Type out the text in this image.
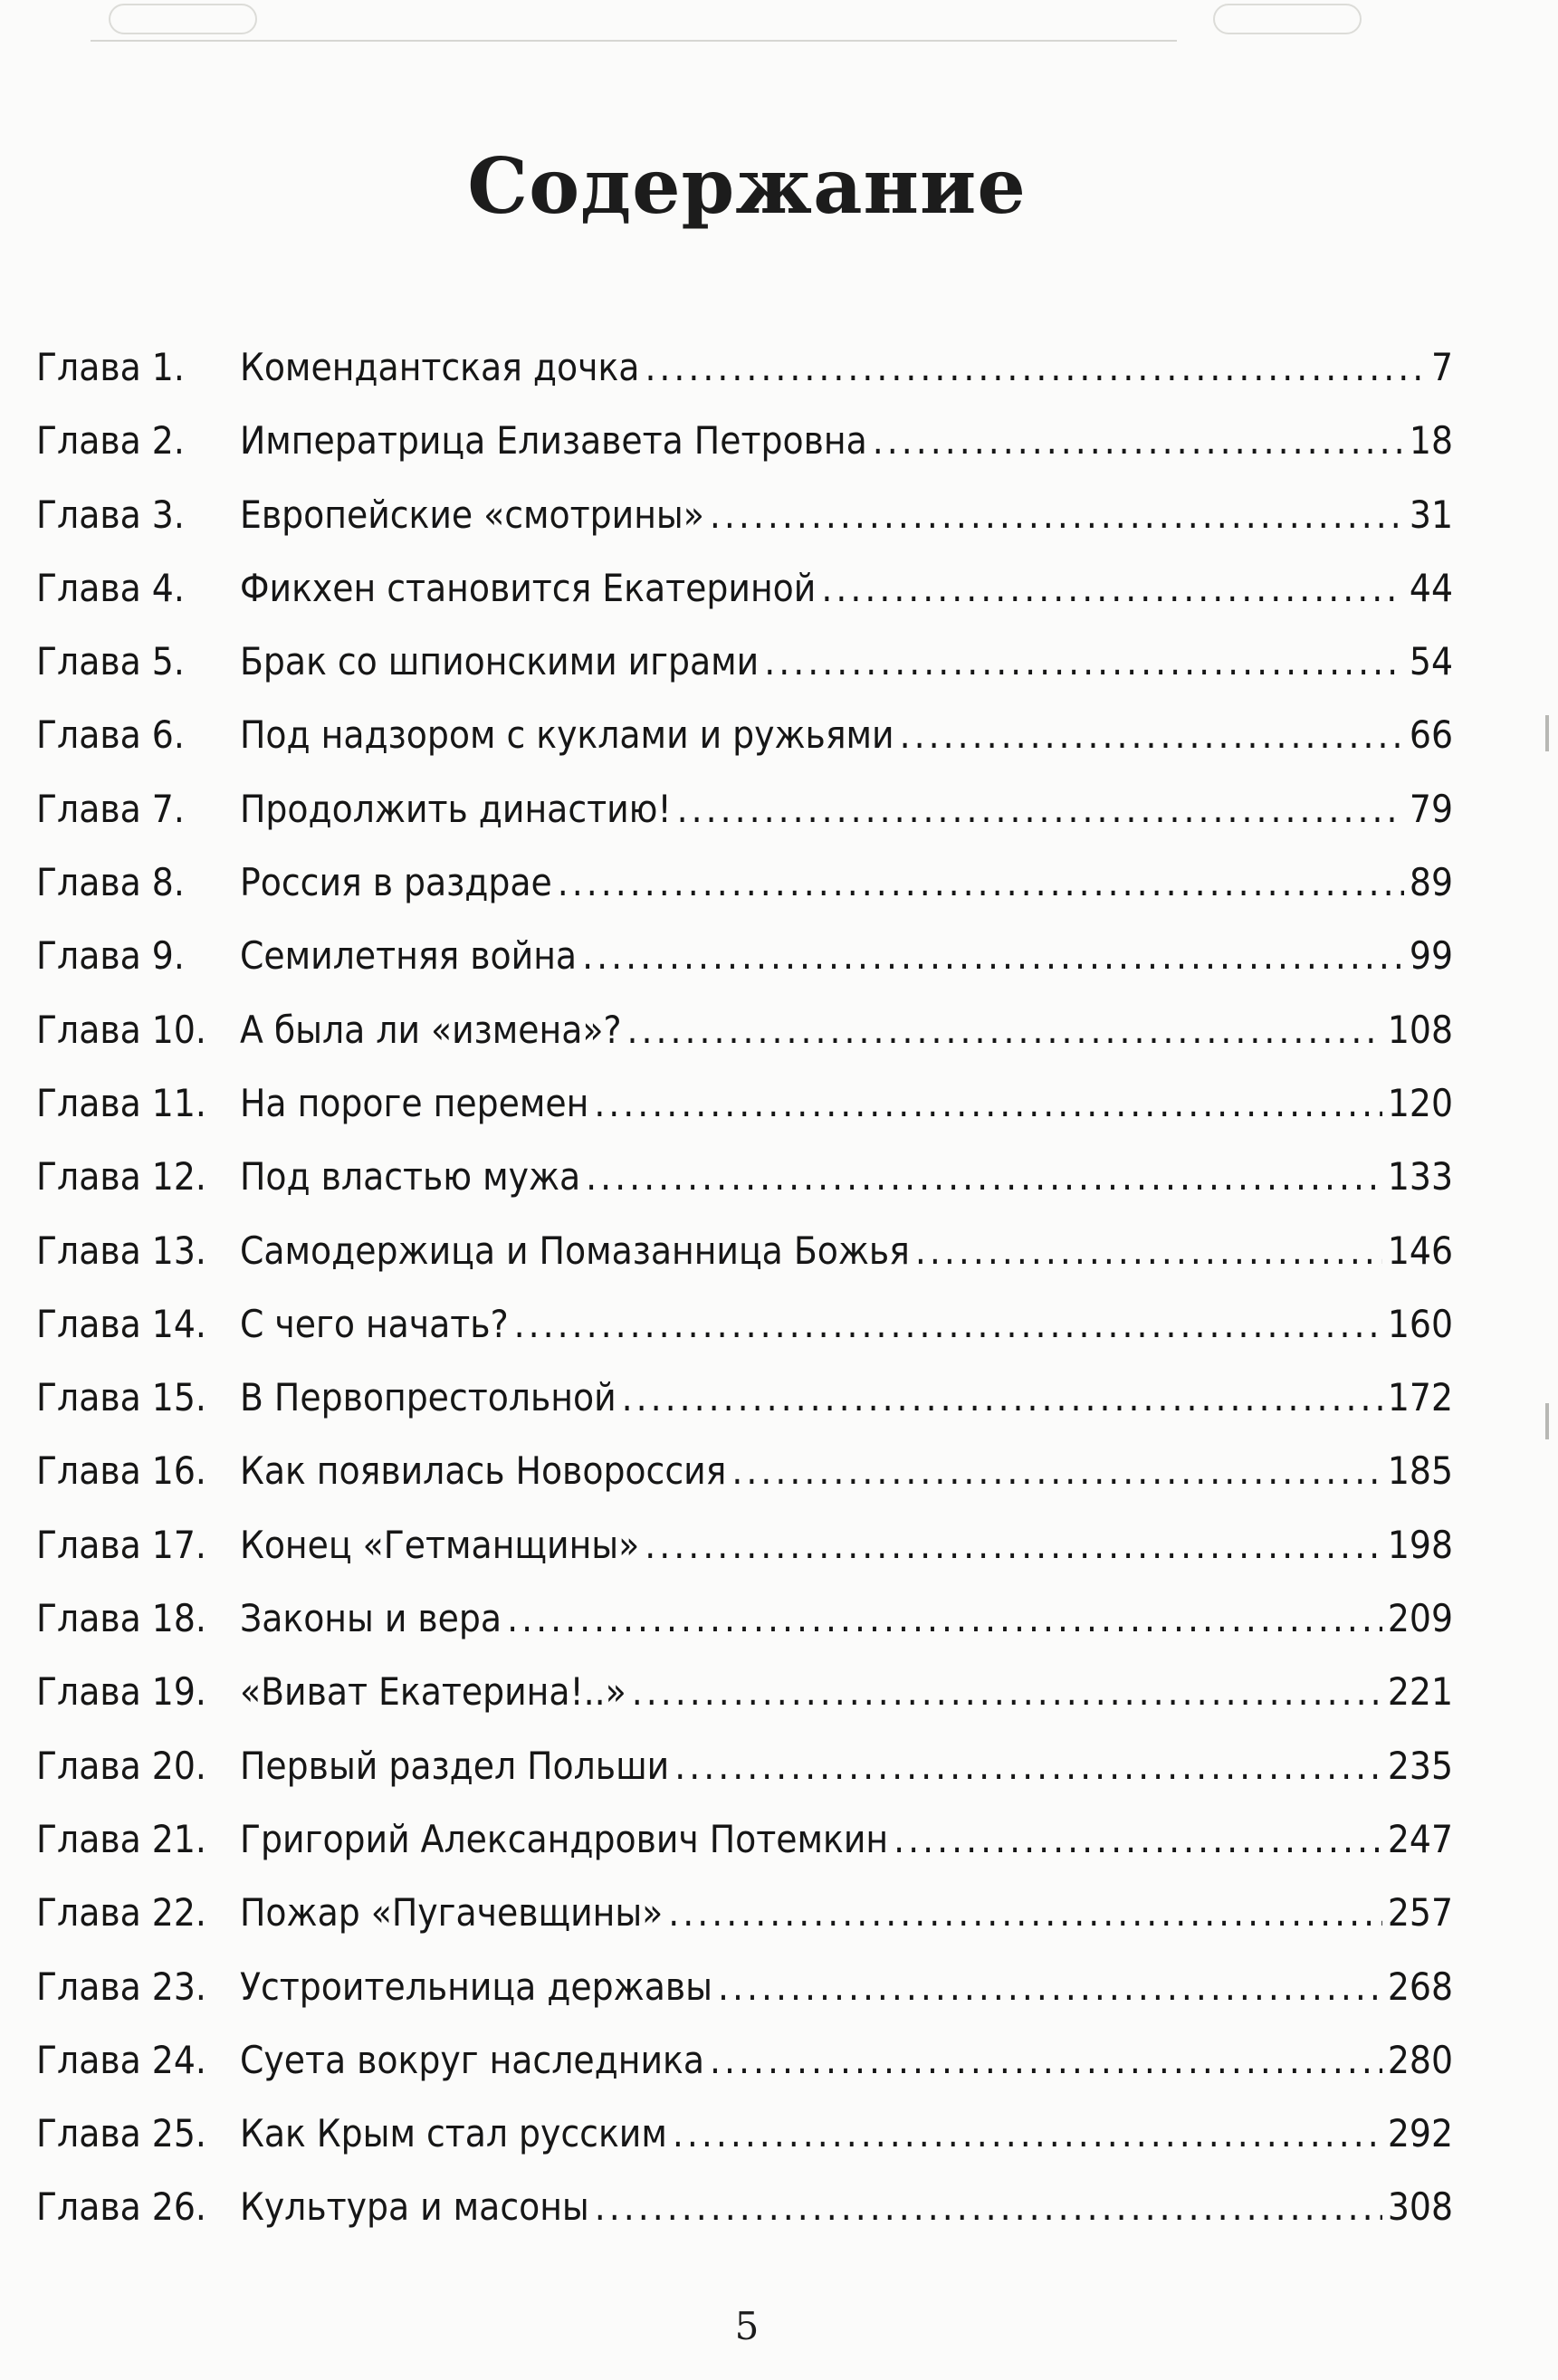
Содержание
Глава 1.	Комендантская дочка .....	7
Глава 2.	Императрица Елизавета Петровна .....	18
Глава 3.	Европейские «смотрины» .....	31
Глава 4.	Фикхен становится Екатериной .....	44
Глава 5.	Брак со шпионскими играми .....	54
Глава 6.	Под надзором с куклами и ружьями .....	66
Глава 7.	Продолжить династию! .....	79
Глава 8.	Россия в раздрае .....	89
Глава 9.	Семилетняя война .....	99
Глава 10. А была ли «измена»? .....	108
Глава 11. На пороге перемен .....	120
Глава 12. Под властью мужа .....	133
Глава 13. Самодержица и Помазанница Божья .....	146
Глава 14. С чего начать? .....	160
Глава 15. В Первопрестольной .....	172
Глава 16. Как появилась Новороссия .....	185
Глава 17. Конец «Гетманщины» .....	198
Глава 18. Законы и вера .....	209
Глава 19. «Виват Екатерина!..» .....	221
Глава 20. Первый раздел Польши .....	235
Глава 21. Григорий Александрович Потемкин .....	247
Глава 22. Пожар «Пугачевщины» .....	257
Глава 23. Устроительница державы .....	268
Глава 24. Суета вокруг наследника .....	280
Глава 25. Как Крым стал русским .....	292
Глава 26. Культура и масоны .....	308
5
